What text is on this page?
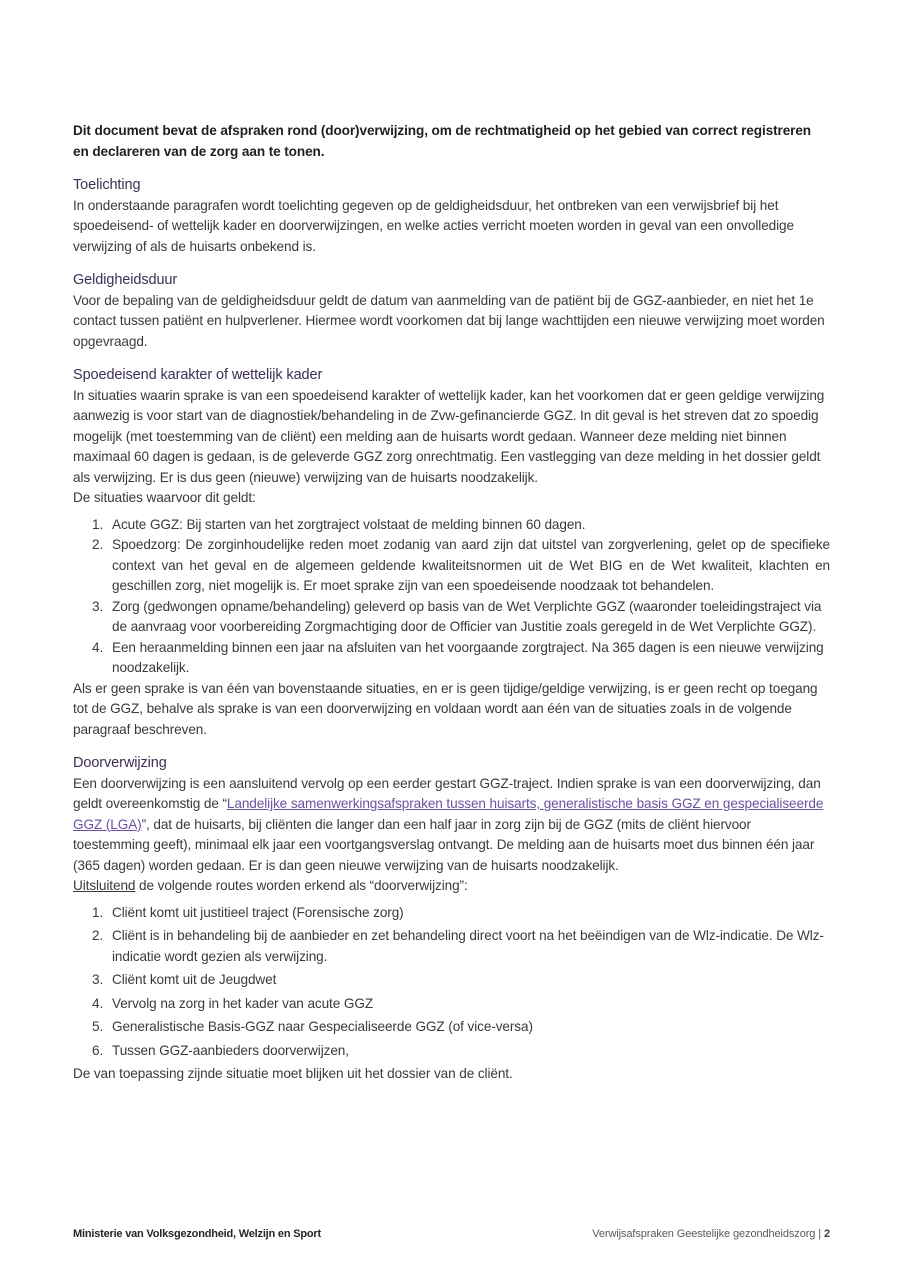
Dit document bevat de afspraken rond (door)verwijzing, om de rechtmatigheid op het gebied van correct registreren en declareren van de zorg aan te tonen.

Toelichting

In onderstaande paragrafen wordt toelichting gegeven op de geldigheidsduur, het ontbreken van een verwijsbrief bij het spoedeisend- of wettelijk kader en doorverwijzingen, en welke acties verricht moeten worden in geval van een onvolledige verwijzing of als de huisarts onbekend is.

Geldigheidsduur

Voor de bepaling van de geldigheidsduur geldt de datum van aanmelding van de patiënt bij de GGZ-aanbieder, en niet het 1e contact tussen patiënt en hulpverlener. Hiermee wordt voorkomen dat bij lange wachttijden een nieuwe verwijzing moet worden opgevraagd.

Spoedeisend karakter of wettelijk kader

In situaties waarin sprake is van een spoedeisend karakter of wettelijk kader, kan het voorkomen dat er geen geldige verwijzing aanwezig is voor start van de diagnostiek/behandeling in de Zvw-gefinancierde GGZ. In dit geval is het streven dat zo spoedig mogelijk (met toestemming van de cliënt) een melding aan de huisarts wordt gedaan. Wanneer deze melding niet binnen maximaal 60 dagen is gedaan, is de geleverde GGZ zorg onrechtmatig. Een vastlegging van deze melding in het dossier geldt als verwijzing. Er is dus geen (nieuwe) verwijzing van de huisarts noodzakelijk.

De situaties waarvoor dit geldt:

1. Acute GGZ: Bij starten van het zorgtraject volstaat de melding binnen 60 dagen.
2. Spoedzorg: De zorginhoudelijke reden moet zodanig van aard zijn dat uitstel van zorgverlening, gelet op de specifieke context van het geval en de algemeen geldende kwaliteitsnormen uit de Wet BIG en de Wet kwaliteit, klachten en geschillen zorg, niet mogelijk is. Er moet sprake zijn van een spoedeisende noodzaak tot behandelen.
3. Zorg (gedwongen opname/behandeling) geleverd op basis van de Wet Verplichte GGZ (waaronder toeleidingstraject via de aanvraag voor voorbereiding Zorgmachtiging door de Officier van Justitie zoals geregeld in de Wet Verplichte GGZ).
4. Een heraanmelding binnen een jaar na afsluiten van het voorgaande zorgtraject. Na 365 dagen is een nieuwe verwijzing noodzakelijk.

Als er geen sprake is van één van bovenstaande situaties, en er is geen tijdige/geldige verwijzing, is er geen recht op toegang tot de GGZ, behalve als sprake is van een doorverwijzing en voldaan wordt aan één van de situaties zoals in de volgende paragraaf beschreven.

Doorverwijzing

Een doorverwijzing is een aansluitend vervolg op een eerder gestart GGZ-traject. Indien sprake is van een doorverwijzing, dan geldt overeenkomstig de “Landelijke samenwerkingsafspraken tussen huisarts, generalistische basis GGZ en gespecialiseerde GGZ (LGA)”, dat de huisarts, bij cliënten die langer dan een half jaar in zorg zijn bij de GGZ (mits de cliënt hiervoor toestemming geeft), minimaal elk jaar een voortgangsverslag ontvangt. De melding aan de huisarts moet dus binnen één jaar (365 dagen) worden gedaan. Er is dan geen nieuwe verwijzing van de huisarts noodzakelijk.

Uitsluitend de volgende routes worden erkend als “doorverwijzing”:

1. Cliënt komt uit justitieel traject (Forensische zorg)
2. Cliënt is in behandeling bij de aanbieder en zet behandeling direct voort na het beëindigen van de Wlz-indicatie. De Wlz-indicatie wordt gezien als verwijzing.
3. Cliënt komt uit de Jeugdwet
4. Vervolg na zorg in het kader van acute GGZ
5. Generalistische Basis-GGZ naar Gespecialiseerde GGZ (of vice-versa)
6. Tussen GGZ-aanbieders doorverwijzen,

De van toepassing zijnde situatie moet blijken uit het dossier van de cliënt.

Ministerie van Volksgezondheid, Welzijn en Sport	Verwijsafspraken Geestelijke gezondheidszorg | 2
